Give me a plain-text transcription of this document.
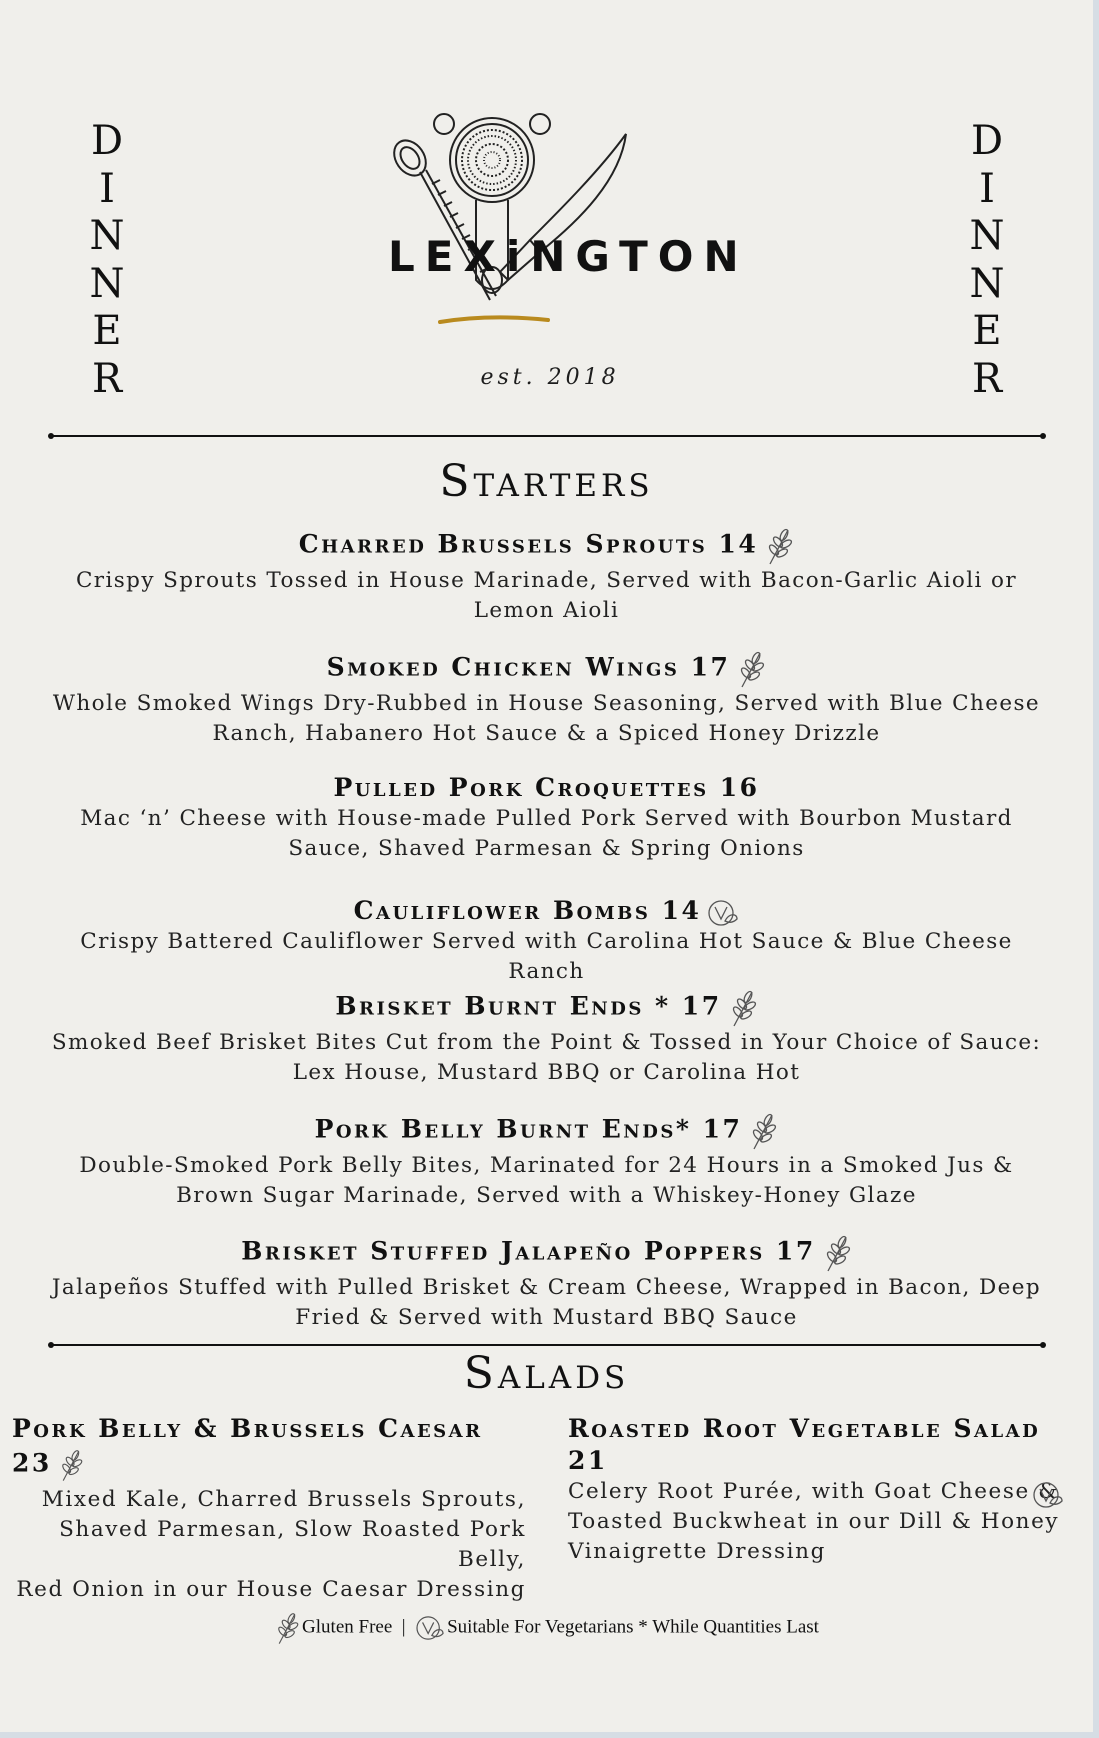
D
I
N
N
E
R
D
I
N
N
E
R
LEXiNGTON
est. 2018
Starters
Charred Brussels Sprouts 14
Crispy Sprouts Tossed in House Marinade, Served with Bacon-Garlic Aioli or Lemon Aioli
Smoked Chicken Wings 17
Whole Smoked Wings Dry-Rubbed in House Seasoning, Served with Blue Cheese Ranch, Habanero Hot Sauce & a Spiced Honey Drizzle
Pulled Pork Croquettes 16
Mac ‘n’ Cheese with House-made Pulled Pork Served with Bourbon Mustard Sauce, Shaved Parmesan & Spring Onions
Cauliflower Bombs 14
Crispy Battered Cauliflower Served with Carolina Hot Sauce & Blue Cheese Ranch
Brisket Burnt Ends * 17
Smoked Beef Brisket Bites Cut from the Point & Tossed in Your Choice of Sauce: Lex House, Mustard BBQ or Carolina Hot
Pork Belly Burnt Ends* 17
Double-Smoked Pork Belly Bites, Marinated for 24 Hours in a Smoked Jus & Brown Sugar Marinade, Served with a Whiskey-Honey Glaze
Brisket Stuffed Jalapeño Poppers 17
Jalapeños Stuffed with Pulled Brisket & Cream Cheese, Wrapped in Bacon, Deep Fried & Served with Mustard BBQ Sauce
Salads
Pork Belly & Brussels Caesar 23
Mixed Kale, Charred Brussels Sprouts,
Shaved Parmesan, Slow Roasted Pork Belly,
Red Onion in our House Caesar Dressing
Roasted Root Vegetable Salad 21
Celery Root Purée, with Goat Cheese &
Toasted Buckwheat in our Dill & Honey
Vinaigrette Dressing
Gluten Free | Suitable For Vegetarians * While Quantities Last
